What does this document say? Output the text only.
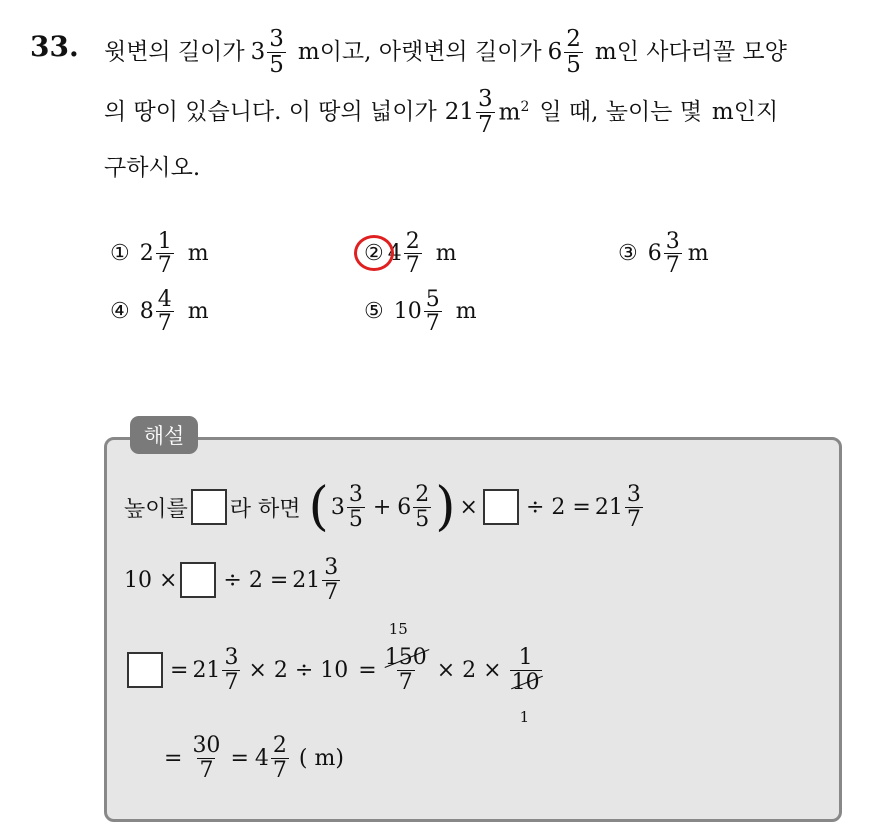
33. 윗변의 길이가 $3 \frac{3}{5}$ m이고, 아랫변의 길이가 $6 \frac{2}{5}$ m인 사다리꼴 모양
의 땅이 있습니다. 이 땅의 넓이가 $21 \frac{3}{7} m^2$ 일 때, 높이는 몇 m인지
구하시오.
① $2 \frac{1}{7}$ m	② $4 \frac{2}{7}$ m	③ $6 \frac{3}{7}$ m
④ $8 \frac{4}{7}$ m	⑤ $10 \frac{5}{7}$ m
해설
높이를 라 하면 ( $3 \frac{3}{5} + 6 \frac{2}{5}$ ) × ÷ $2 = 21 \frac{3}{7}$
10 × ÷ $2 = 21 \frac{3}{7}$
= $21 \frac{3}{7} \times 2 \div 10$ =
15
$\frac{150}{7} \times 2 \times \frac{1}{10}$
1
= $\frac{30}{7} = 4 \frac{2}{7}$ ( m)
